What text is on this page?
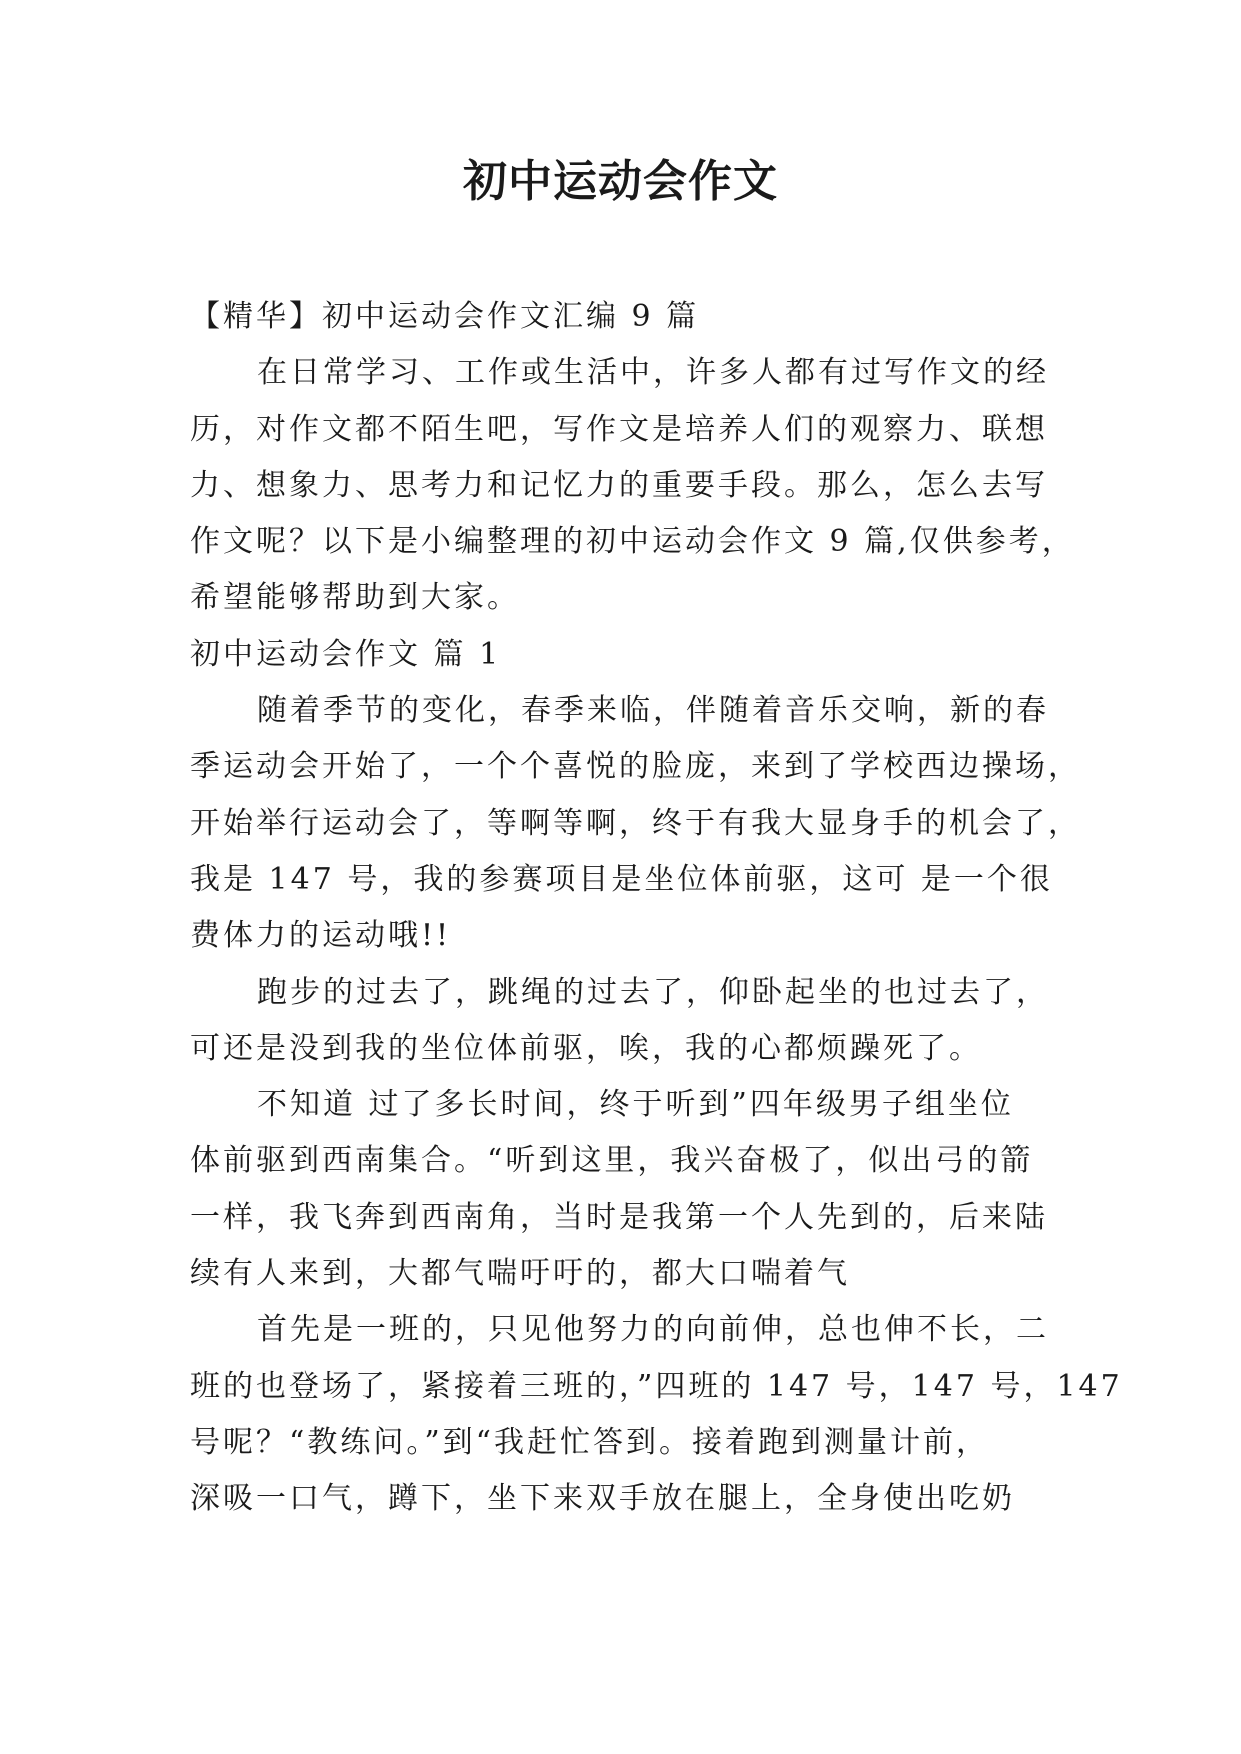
初中运动会作文
【精华】初中运动会作文汇编 9 篇
在日常学习、工作或生活中，许多人都有过写作文的经
历，对作文都不陌生吧，写作文是培养人们的观察力、联想
力、想象力、思考力和记忆力的重要手段。那么，怎么去写
作文呢？以下是小编整理的初中运动会作文 9 篇,仅供参考，
希望能够帮助到大家。
初中运动会作文 篇 1
随着季节的变化，春季来临，伴随着音乐交响，新的春
季运动会开始了，一个个喜悦的脸庞，来到了学校西边操场，
开始举行运动会了，等啊等啊，终于有我大显身手的机会了，
我是 147 号，我的参赛项目是坐位体前驱，这可 是一个很
费体力的运动哦!!
跑步的过去了，跳绳的过去了，仰卧起坐的也过去了，
可还是没到我的坐位体前驱，唉，我的心都烦躁死了。
不知道 过了多长时间，终于听到”四年级男子组坐位
体前驱到西南集合。“听到这里，我兴奋极了，似出弓的箭
一样，我飞奔到西南角，当时是我第一个人先到的，后来陆
续有人来到，大都气喘吁吁的，都大口喘着气
首先是一班的，只见他努力的向前伸，总也伸不长，二
班的也登场了，紧接着三班的，”四班的 147 号，147 号，147
号呢？“教练问。”到“我赶忙答到。接着跑到测量计前，
深吸一口气，蹲下，坐下来双手放在腿上，全身使出吃奶
